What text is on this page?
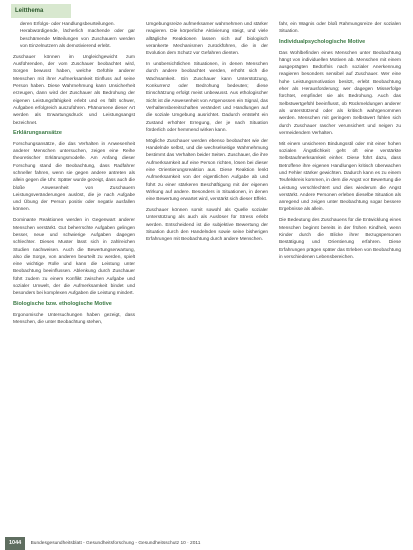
Leitthema
• deren Erfolgs- oder Handlungsbeurteilungen.
• Herabwürdigende, lächerlich machende oder gar beschämende Mitteilungen von Zuschauern werden von Einzelnutzern als demotivierend erlebt.

Zuschauer können im Ungleichgewicht zum Ausführenden, der vom Zuschauer beobachtet wird, Sorgen bewusst haben, welche Gefühle anderer Menschen mit ihrer Aufmerksamkeit Einfluss auf seine Person haben. Diese Wahrnehmung kann Unsicherheit erzeugen, dann wird der Zuschauer als Bedrohung der eigenen Leistungsfähigkeit erlebt und es fällt schwer, Aufgaben erfolgreich auszuführen. Phänomene dieser Art werden als Erwartungsdruck und Leistungsangst bezeichnet.

Erklärungsansätze

Forschungsansätze, die das Verhalten in Anwesenheit anderer Menschen untersuchen, zeigen eine Reihe theoretischer Erklärungsmodelle. Am Anfang dieser Forschung stand die Beobachtung, dass Radfahrer schneller fahren, wenn sie gegen andere antreten als allein gegen die Uhr. Später wurde gezeigt, dass auch die bloße Anwesenheit von Zuschauern Leistungsveränderungen auslöst, die je nach Aufgabe und Übung der Person positiv oder negativ ausfallen können.

Dominante Reaktionen werden in Gegenwart anderer Menschen verstärkt. Gut beherrschte Aufgaben gelingen besser, neue und schwierige Aufgaben dagegen schlechter. Dieses Muster lässt sich in zahlreichen Studien nachweisen. Auch die Bewertungserwartung, also die Sorge, von anderen beurteilt zu werden, spielt eine wichtige Rolle und kann die Leistung unter Beobachtung beeinflussen. Ablenkung durch Zuschauer führt zudem zu einem Konflikt zwischen Aufgabe und sozialer Umwelt, der die Aufmerksamkeit bindet und besonders bei komplexen Aufgaben die Leistung mindert.

Biologische bzw. ethologische Motive

Ergonomische Untersuchungen haben gezeigt, dass Menschen, die unter Beobachtung stehen,

Umgebungsreize aufmerksamer wahrnehmen und stärker reagieren. Die körperliche Aktivierung steigt, und viele alltägliche Reaktionen lassen sich auf biologisch verankerte Mechanismen zurückführen, die in der Evolution dem Schutz vor Gefahren dienten.

In unübersichtlichen Situationen, in denen Menschen durch andere beobachtet werden, erhöht sich die Wachsamkeit. Ein Zuschauer kann Unterstützung, Konkurrenz oder Bedrohung bedeuten; diese Einschätzung erfolgt meist unbewusst. Aus ethologischer Sicht ist die Anwesenheit von Artgenossen ein Signal, das Verhaltensbereitschaften verändert und Handlungen auf die soziale Umgebung ausrichtet. Dadurch entsteht ein Zustand erhöhter Erregung, der je nach Situation förderlich oder hemmend wirken kann.

Mögliche Zuschauer werden ebenso beobachtet wie der Handelnde selbst, und die wechselseitige Wahrnehmung bestimmt das Verhalten beider Seiten. Zuschauer, die ihre Aufmerksamkeit auf eine Person richten, lösen bei dieser eine Orientierungsreaktion aus. Diese Reaktion lenkt Aufmerksamkeit von der eigentlichen Aufgabe ab und führt zu einer stärkeren Beschäftigung mit der eigenen Wirkung auf andere. Besonders in Situationen, in denen eine Bewertung erwartet wird, verstärkt sich dieser Effekt.

Zuschauer können somit sowohl als Quelle sozialer Unterstützung als auch als Auslöser für Stress erlebt werden. Entscheidend ist die subjektive Bewertung der Situation durch den Handelnden sowie seine bisherigen Erfahrungen mit Beobachtung durch andere Menschen.

fahr, ein Wagnis oder bloß Rahmungsreize der sozialen Situation.

Individualpsychologische Motive

Das Wohlbefinden eines Menschen unter Beobachtung hängt von individuellen Motiven ab. Menschen mit einem ausgeprägten Bedürfnis nach sozialer Anerkennung reagieren besonders sensibel auf Zuschauer. Wer eine hohe Leistungsmotivation besitzt, erlebt Beobachtung eher als Herausforderung; wer dagegen Misserfolge fürchtet, empfindet sie als Bedrohung. Auch das Selbstwertgefühl beeinflusst, ob Rückmeldungen anderer als unterstützend oder als kritisch wahrgenommen werden. Menschen mit geringem Selbstwert fühlen sich durch Zuschauer rascher verunsichert und neigen zu vermeidendem Verhalten.

Mit einem unsicheren Bindungsstil oder mit einer hohen sozialen Ängstlichkeit geht oft eine verstärkte Selbstaufmerksamkeit einher. Diese führt dazu, dass Betroffene ihre eigenen Handlungen kritisch überwachen und Fehler stärker gewichten. Dadurch kann es zu einem Teufelskreis kommen, in dem die Angst vor Bewertung die Leistung verschlechtert und dies wiederum die Angst verstärkt. Andere Personen erleben dieselbe Situation als anregend und zeigen unter Beobachtung sogar bessere Ergebnisse als allein.

Die Bedeutung des Zuschauens für die Entwicklung eines Menschen beginnt bereits in der frühen Kindheit, wenn Kinder durch die Blicke ihrer Bezugspersonen Bestätigung und Orientierung erfahren. Diese Erfahrungen prägen später das Erleben von Beobachtung in verschiedenen Lebensbereichen.

1044 Bundesgesundheitsblatt - Gesundheitsforschung - Gesundheitsschutz 10 · 2011
